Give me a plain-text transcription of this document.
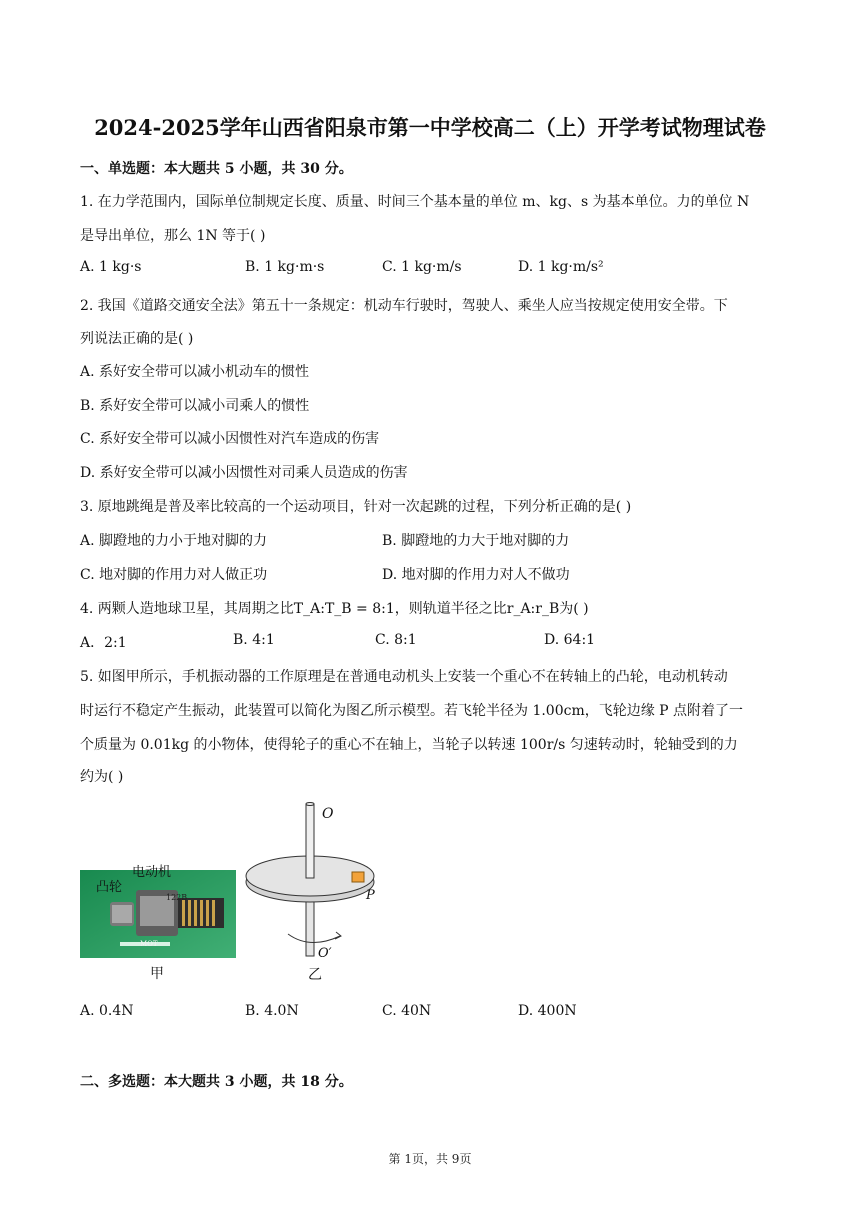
2024-2025学年山西省阳泉市第一中学校高二（上）开学考试物理试卷
一、单选题：本大题共 5 小题，共 30 分。
1. 在力学范围内，国际单位制规定长度、质量、时间三个基本量的单位 m、kg、s 为基本单位。力的单位 N
是导出单位，那么 1N 等于( )
A. 1 kg·s	B. 1 kg·m·s	C. 1 kg·m/s	D. 1 kg·m/s²
2. 我国《道路交通安全法》第五十一条规定：机动车行驶时，驾驶人、乘坐人应当按规定使用安全带。下
列说法正确的是( )
A. 系好安全带可以减小机动车的惯性
B. 系好安全带可以减小司乘人的惯性
C. 系好安全带可以减小因惯性对汽车造成的伤害
D. 系好安全带可以减小因惯性对司乘人员造成的伤害
3. 原地跳绳是普及率比较高的一个运动项目，针对一次起跳的过程，下列分析正确的是( )
A. 脚蹬地的力小于地对脚的力	B. 脚蹬地的力大于地对脚的力
C. 地对脚的作用力对人做正功	D. 地对脚的作用力对人不做功
4. 两颗人造地球卫星，其周期之比T_A:T_B = 8:1，则轨道半径之比r_A:r_B为( )
A．2:1	B. 4:1	C. 8:1	D. 64:1
5. 如图甲所示，手机振动器的工作原理是在普通电动机头上安装一个重心不在转轴上的凸轮，电动机转动
时运行不稳定产生振动，此装置可以简化为图乙所示模型。若飞轮半径为 1.00cm，飞轮边缘 P 点附着了一
个质量为 0.01kg 的小物体，使得轮子的重心不在轴上，当轮子以转速 100r/s 匀速转动时，轮轴受到的力
约为( )
电动机
凸轮
122B
MOT
甲
O
P
O′
乙
A. 0.4N	B. 4.0N	C. 40N	D. 400N
二、多选题：本大题共 3 小题，共 18 分。
第 1页，共 9页
